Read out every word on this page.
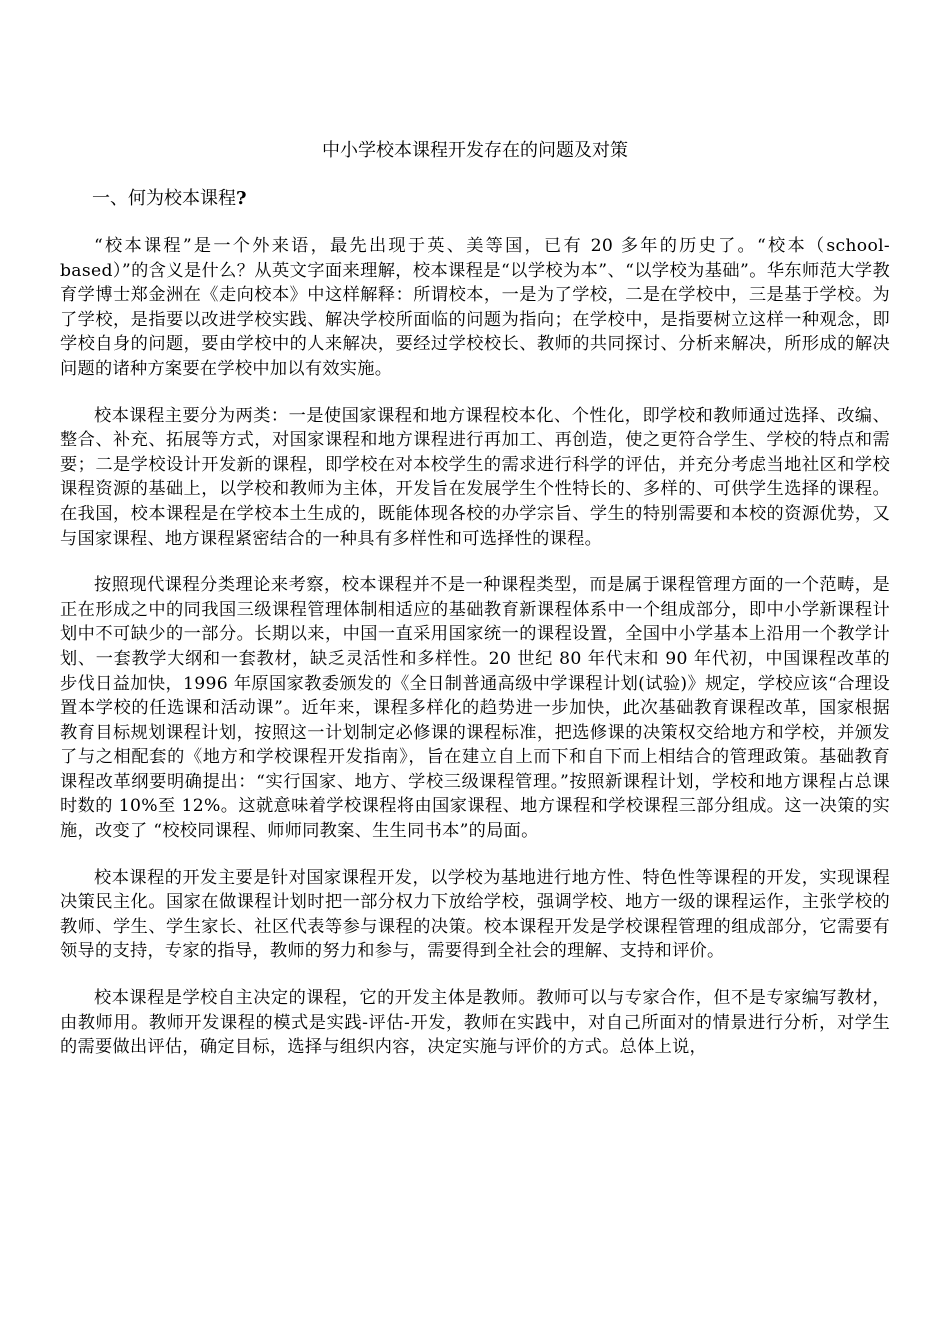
中小学校本课程开发存在的问题及对策
一、何为校本课程?

“校本课程”是一个外来语，最先出现于英、美等国，已有 20 多年的历史了。“校本（school-based）”的含义是什么？从英文字面来理解，校本课程是“以学校为本”、“以学校为基础”。华东师范大学教育学博士郑金洲在《走向校本》中这样解释：所谓校本，一是为了学校，二是在学校中，三是基于学校。为了学校，是指要以改进学校实践、解决学校所面临的问题为指向；在学校中，是指要树立这样一种观念，即学校自身的问题，要由学校中的人来解决，要经过学校校长、教师的共同探讨、分析来解决，所形成的解决问题的诸种方案要在学校中加以有效实施。

校本课程主要分为两类：一是使国家课程和地方课程校本化、个性化，即学校和教师通过选择、改编、整合、补充、拓展等方式，对国家课程和地方课程进行再加工、再创造，使之更符合学生、学校的特点和需要；二是学校设计开发新的课程，即学校在对本校学生的需求进行科学的评估，并充分考虑当地社区和学校课程资源的基础上，以学校和教师为主体，开发旨在发展学生个性特长的、多样的、可供学生选择的课程。在我国，校本课程是在学校本土生成的，既能体现各校的办学宗旨、学生的特别需要和本校的资源优势，又与国家课程、地方课程紧密结合的一种具有多样性和可选择性的课程。

按照现代课程分类理论来考察，校本课程并不是一种课程类型，而是属于课程管理方面的一个范畴，是正在形成之中的同我国三级课程管理体制相适应的基础教育新课程体系中一个组成部分，即中小学新课程计划中不可缺少的一部分。长期以来，中国一直采用国家统一的课程设置，全国中小学基本上沿用一个教学计划、一套教学大纲和一套教材，缺乏灵活性和多样性。20 世纪 80 年代末和 90 年代初，中国课程改革的步伐日益加快，1996 年原国家教委颁发的《全日制普通高级中学课程计划(试验)》规定，学校应该“合理设置本学校的任选课和活动课”。近年来，课程多样化的趋势进一步加快，此次基础教育课程改革，国家根据教育目标规划课程计划，按照这一计划制定必修课的课程标准，把选修课的决策权交给地方和学校，并颁发了与之相配套的《地方和学校课程开发指南》，旨在建立自上而下和自下而上相结合的管理政策。基础教育课程改革纲要明确提出：“实行国家、地方、学校三级课程管理。”按照新课程计划，学校和地方课程占总课时数的 10%至 12%。这就意味着学校课程将由国家课程、地方课程和学校课程三部分组成。这一决策的实施，改变了 “校校同课程、师师同教案、生生同书本”的局面。

校本课程的开发主要是针对国家课程开发，以学校为基地进行地方性、特色性等课程的开发，实现课程决策民主化。国家在做课程计划时把一部分权力下放给学校，强调学校、地方一级的课程运作，主张学校的教师、学生、学生家长、社区代表等参与课程的决策。校本课程开发是学校课程管理的组成部分，它需要有领导的支持，专家的指导，教师的努力和参与，需要得到全社会的理解、支持和评价。

校本课程是学校自主决定的课程，它的开发主体是教师。教师可以与专家合作，但不是专家编写教材，由教师用。教师开发课程的模式是实践-评估-开发，教师在实践中，对自己所面对的情景进行分析，对学生的需要做出评估，确定目标，选择与组织内容，决定实施与评价的方式。总体上说，
